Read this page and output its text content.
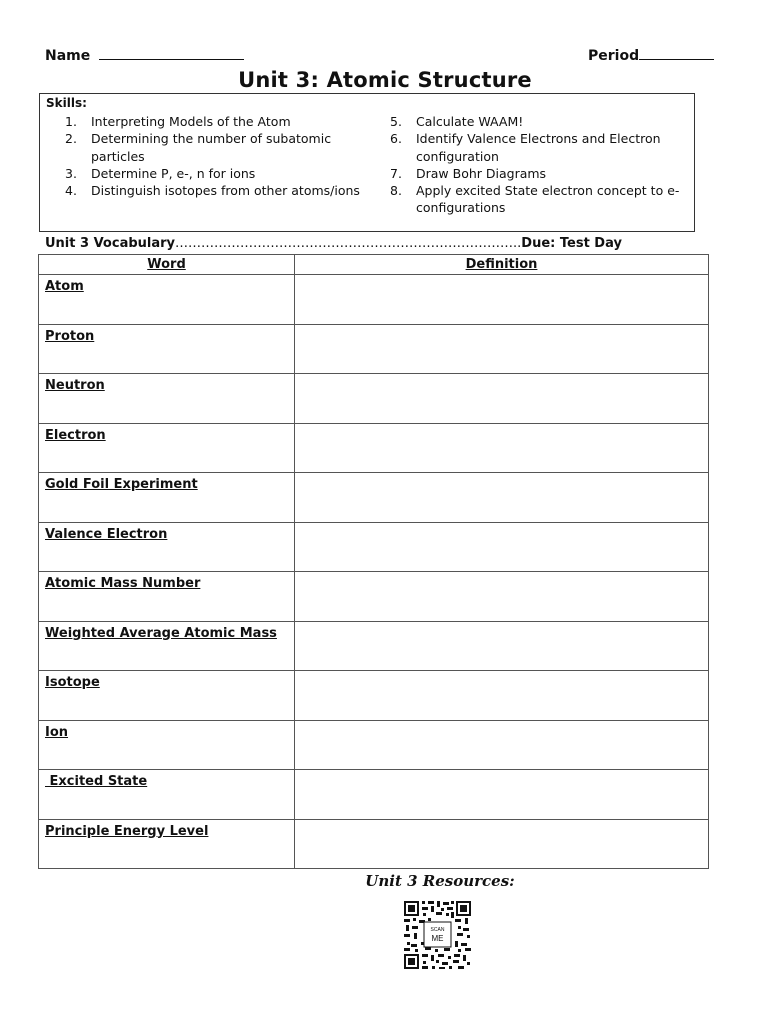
Name	Period
Unit 3: Atomic Structure
Skills:
1.	Interpreting Models of the Atom
2.	Determining the number of subatomic particles
3.	Determine P, e-, n for ions
4.	Distinguish isotopes from other atoms/ions
5.	Calculate WAAM!
6.	Identify Valence Electrons and Electron configuration
7.	Draw Bohr Diagrams
8.	Apply excited State electron concept to e- configurations
Unit 3 Vocabulary……………………………………………………………………..Due: Test Day
Word	Definition
Atom	
Proton	
Neutron	
Electron	
Gold Foil Experiment	
Valence Electron	
Atomic Mass Number	
Weighted Average Atomic Mass	
Isotope	
Ion	
Excited State	
Principle Energy Level	
Unit 3 Resources:
SCAN
ME
